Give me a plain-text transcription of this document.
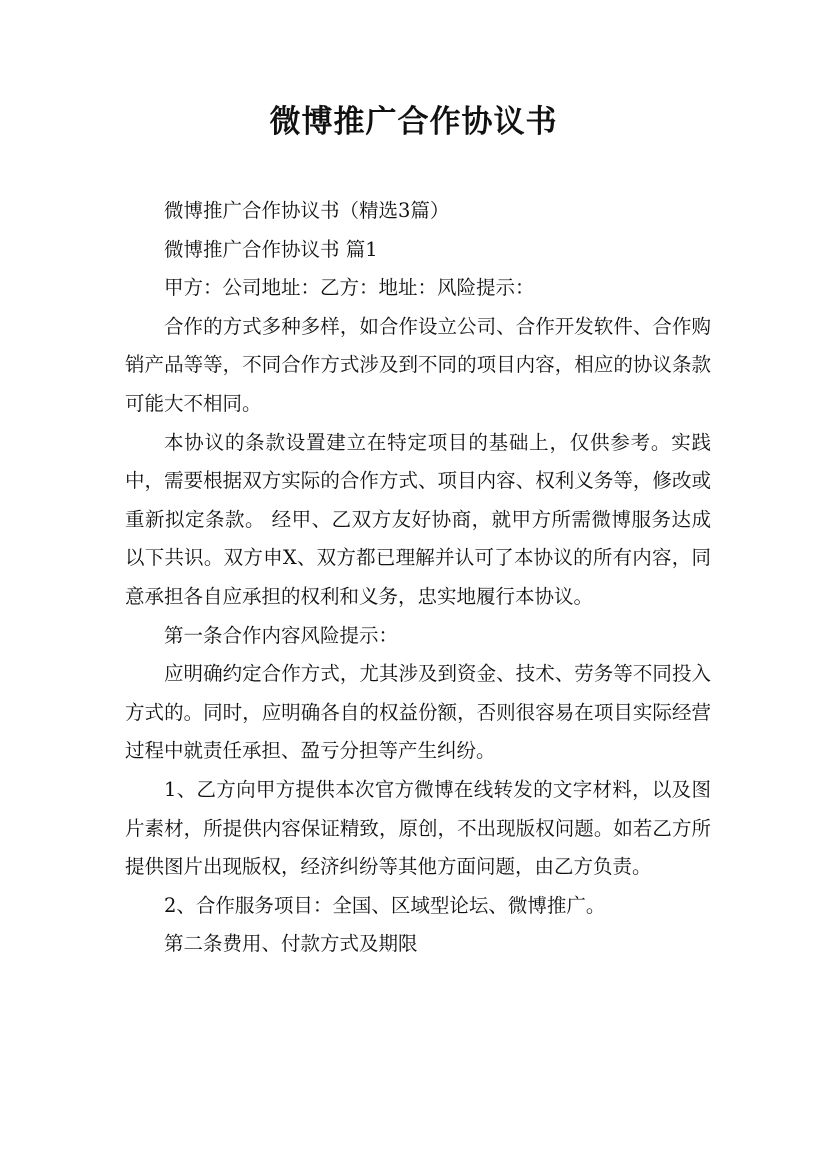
微博推广合作协议书

微博推广合作协议书（精选3篇）

微博推广合作协议书 篇1

甲方：公司地址：乙方：地址：风险提示：

合作的方式多种多样，如合作设立公司、合作开发软件、合作购销产品等等，不同合作方式涉及到不同的项目内容，相应的协议条款可能大不相同。

本协议的条款设置建立在特定项目的基础上，仅供参考。实践中，需要根据双方实际的合作方式、项目内容、权利义务等，修改或重新拟定条款。 经甲、乙双方友好协商，就甲方所需微博服务达成以下共识。双方申X、双方都已理解并认可了本协议的所有内容，同意承担各自应承担的权利和义务，忠实地履行本协议。

第一条合作内容风险提示：

应明确约定合作方式，尤其涉及到资金、技术、劳务等不同投入方式的。同时，应明确各自的权益份额，否则很容易在项目实际经营过程中就责任承担、盈亏分担等产生纠纷。

1、乙方向甲方提供本次官方微博在线转发的文字材料，以及图片素材，所提供内容保证精致，原创，不出现版权问题。如若乙方所提供图片出现版权，经济纠纷等其他方面问题，由乙方负责。

2、合作服务项目：全国、区域型论坛、微博推广。

第二条费用、付款方式及期限
